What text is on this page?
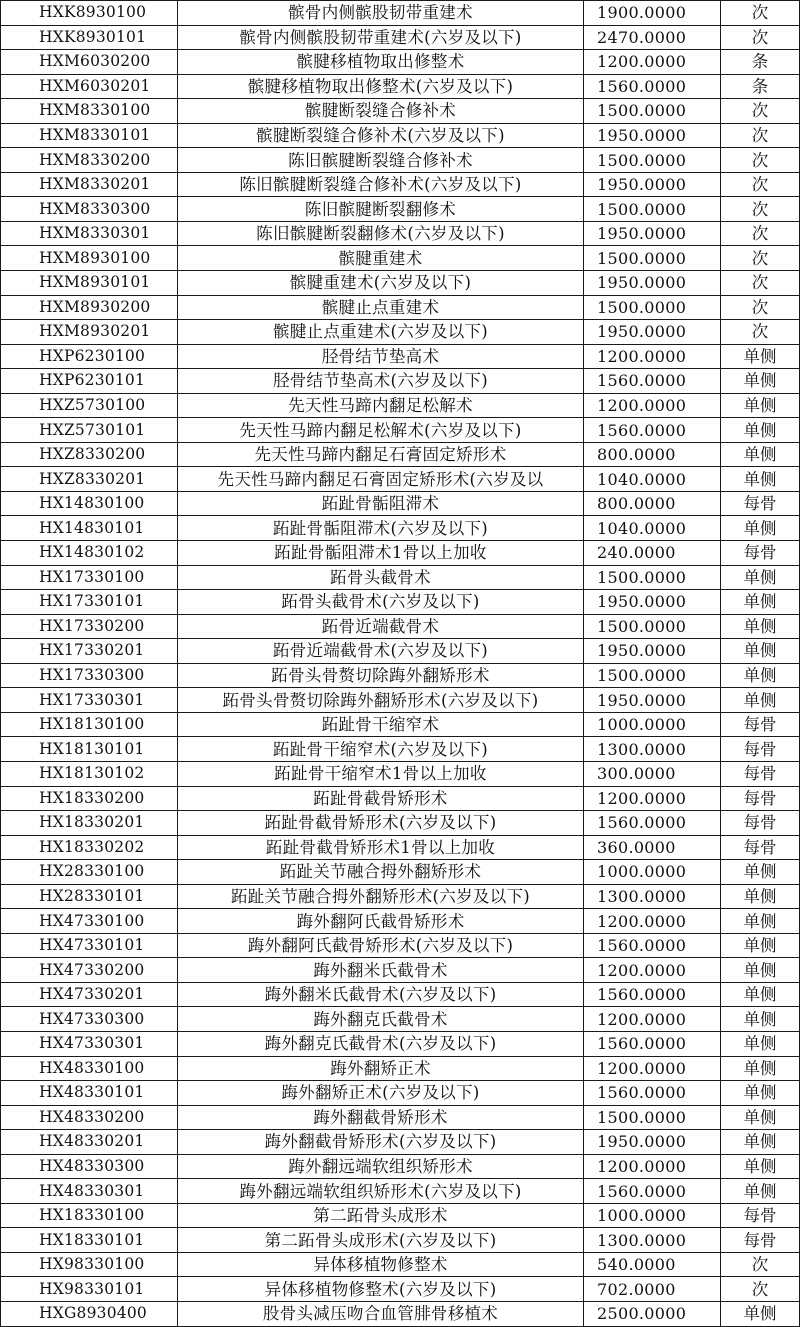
HXK8930100	髌骨内侧髌股韧带重建术	1900.0000	次
HXK8930101	髌骨内侧髌股韧带重建术(六岁及以下)	2470.0000	次
HXM6030200	髌腱移植物取出修整术	1200.0000	条
HXM6030201	髌腱移植物取出修整术(六岁及以下)	1560.0000	条
HXM8330100	髌腱断裂缝合修补术	1500.0000	次
HXM8330101	髌腱断裂缝合修补术(六岁及以下)	1950.0000	次
HXM8330200	陈旧髌腱断裂缝合修补术	1500.0000	次
HXM8330201	陈旧髌腱断裂缝合修补术(六岁及以下)	1950.0000	次
HXM8330300	陈旧髌腱断裂翻修术	1500.0000	次
HXM8330301	陈旧髌腱断裂翻修术(六岁及以下)	1950.0000	次
HXM8930100	髌腱重建术	1500.0000	次
HXM8930101	髌腱重建术(六岁及以下)	1950.0000	次
HXM8930200	髌腱止点重建术	1500.0000	次
HXM8930201	髌腱止点重建术(六岁及以下)	1950.0000	次
HXP6230100	胫骨结节垫高术	1200.0000	单侧
HXP6230101	胫骨结节垫高术(六岁及以下)	1560.0000	单侧
HXZ5730100	先天性马蹄内翻足松解术	1200.0000	单侧
HXZ5730101	先天性马蹄内翻足松解术(六岁及以下)	1560.0000	单侧
HXZ8330200	先天性马蹄内翻足石膏固定矫形术	800.0000	单侧
HXZ8330201	先天性马蹄内翻足石膏固定矫形术(六岁及以	1040.0000	单侧
HX14830100	跖趾骨骺阻滞术	800.0000	每骨
HX14830101	跖趾骨骺阻滞术(六岁及以下)	1040.0000	单侧
HX14830102	跖趾骨骺阻滞术1骨以上加收	240.0000	每骨
HX17330100	跖骨头截骨术	1500.0000	单侧
HX17330101	跖骨头截骨术(六岁及以下)	1950.0000	单侧
HX17330200	跖骨近端截骨术	1500.0000	单侧
HX17330201	跖骨近端截骨术(六岁及以下)	1950.0000	单侧
HX17330300	跖骨头骨赘切除踇外翻矫形术	1500.0000	单侧
HX17330301	跖骨头骨赘切除踇外翻矫形术(六岁及以下)	1950.0000	单侧
HX18130100	跖趾骨干缩窄术	1000.0000	每骨
HX18130101	跖趾骨干缩窄术(六岁及以下)	1300.0000	每骨
HX18130102	跖趾骨干缩窄术1骨以上加收	300.0000	每骨
HX18330200	跖趾骨截骨矫形术	1200.0000	每骨
HX18330201	跖趾骨截骨矫形术(六岁及以下)	1560.0000	每骨
HX18330202	跖趾骨截骨矫形术1骨以上加收	360.0000	每骨
HX28330100	跖趾关节融合拇外翻矫形术	1000.0000	单侧
HX28330101	跖趾关节融合拇外翻矫形术(六岁及以下)	1300.0000	单侧
HX47330100	踇外翻阿氏截骨矫形术	1200.0000	单侧
HX47330101	踇外翻阿氏截骨矫形术(六岁及以下)	1560.0000	单侧
HX47330200	踇外翻米氏截骨术	1200.0000	单侧
HX47330201	踇外翻米氏截骨术(六岁及以下)	1560.0000	单侧
HX47330300	踇外翻克氏截骨术	1200.0000	单侧
HX47330301	踇外翻克氏截骨术(六岁及以下)	1560.0000	单侧
HX48330100	踇外翻矫正术	1200.0000	单侧
HX48330101	踇外翻矫正术(六岁及以下)	1560.0000	单侧
HX48330200	踇外翻截骨矫形术	1500.0000	单侧
HX48330201	踇外翻截骨矫形术(六岁及以下)	1950.0000	单侧
HX48330300	踇外翻远端软组织矫形术	1200.0000	单侧
HX48330301	踇外翻远端软组织矫形术(六岁及以下)	1560.0000	单侧
HX18330100	第二跖骨头成形术	1000.0000	每骨
HX18330101	第二跖骨头成形术(六岁及以下)	1300.0000	每骨
HX98330100	异体移植物修整术	540.0000	次
HX98330101	异体移植物修整术(六岁及以下)	702.0000	次
HXG8930400	股骨头减压吻合血管腓骨移植术	2500.0000	单侧
